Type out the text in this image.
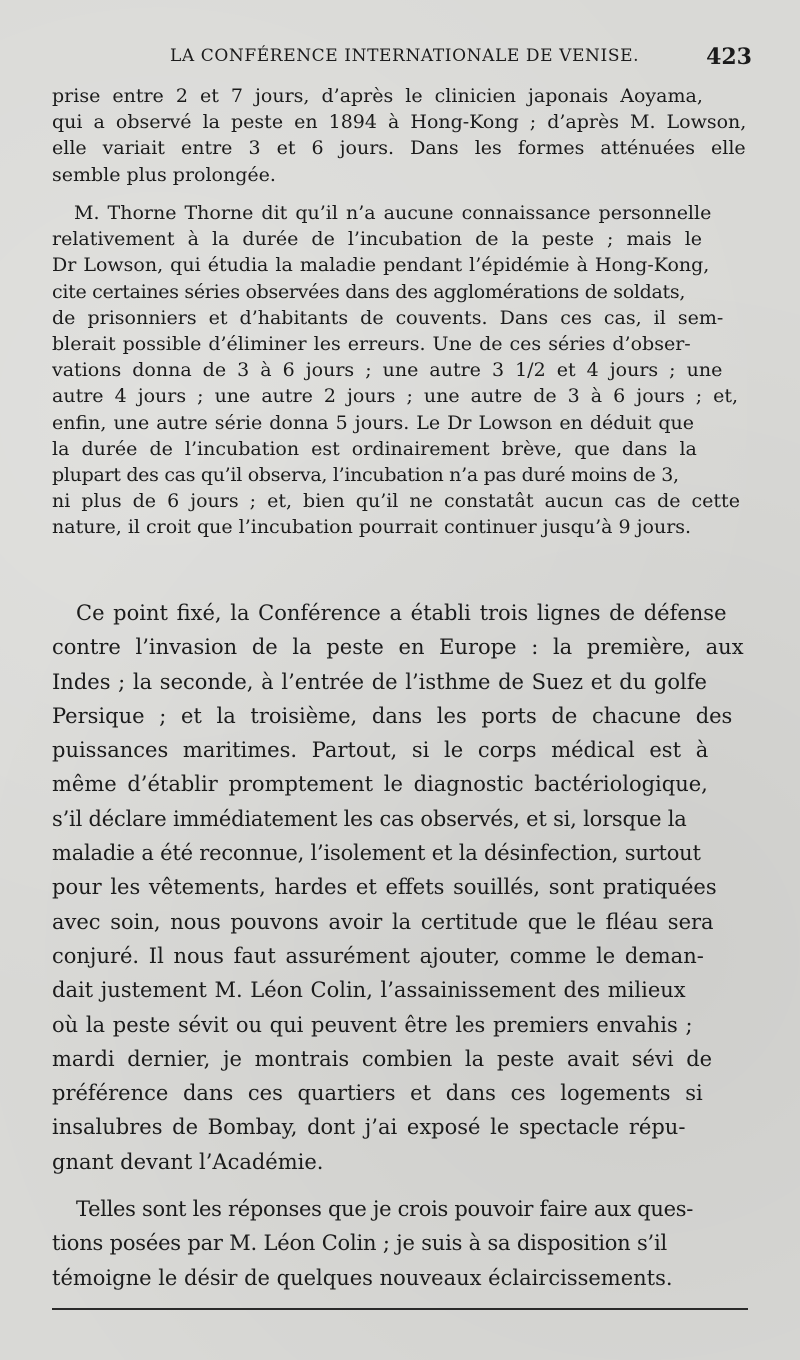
LA CONFÉRENCE INTERNATIONALE DE VENISE.	423
prise entre 2 et 7 jours, d’après le clinicien japonais Aoyama,
qui a observé la peste en 1894 à Hong-Kong ; d’après M. Lowson,
elle variait entre 3 et 6 jours. Dans les formes atténuées elle
semble plus prolongée.
M. Thorne Thorne dit qu’il n’a aucune connaissance personnelle
relativement à la durée de l’incubation de la peste ; mais le
Dr Lowson, qui étudia la maladie pendant l’épidémie à Hong-Kong,
cite certaines séries observées dans des agglomérations de soldats,
de prisonniers et d’habitants de couvents. Dans ces cas, il sem-
blerait possible d’éliminer les erreurs. Une de ces séries d’obser-
vations donna de 3 à 6 jours ; une autre 3 1/2 et 4 jours ; une
autre 4 jours ; une autre 2 jours ; une autre de 3 à 6 jours ; et,
enfin, une autre série donna 5 jours. Le Dr Lowson en déduit que
la durée de l’incubation est ordinairement brève, que dans la
plupart des cas qu’il observa, l’incubation n’a pas duré moins de 3,
ni plus de 6 jours ; et, bien qu’il ne constatât aucun cas de cette
nature, il croit que l’incubation pourrait continuer jusqu’à 9 jours.
Ce point fixé, la Conférence a établi trois lignes de défense
contre l’invasion de la peste en Europe : la première, aux
Indes ; la seconde, à l’entrée de l’isthme de Suez et du golfe
Persique ; et la troisième, dans les ports de chacune des
puissances maritimes. Partout, si le corps médical est à
même d’établir promptement le diagnostic bactériologique,
s’il déclare immédiatement les cas observés, et si, lorsque la
maladie a été reconnue, l’isolement et la désinfection, surtout
pour les vêtements, hardes et effets souillés, sont pratiquées
avec soin, nous pouvons avoir la certitude que le fléau sera
conjuré. Il nous faut assurément ajouter, comme le deman-
dait justement M. Léon Colin, l’assainissement des milieux
où la peste sévit ou qui peuvent être les premiers envahis ;
mardi dernier, je montrais combien la peste avait sévi de
préférence dans ces quartiers et dans ces logements si
insalubres de Bombay, dont j’ai exposé le spectacle répu-
gnant devant l’Académie.
Telles sont les réponses que je crois pouvoir faire aux ques-
tions posées par M. Léon Colin ; je suis à sa disposition s’il
témoigne le désir de quelques nouveaux éclaircissements.
